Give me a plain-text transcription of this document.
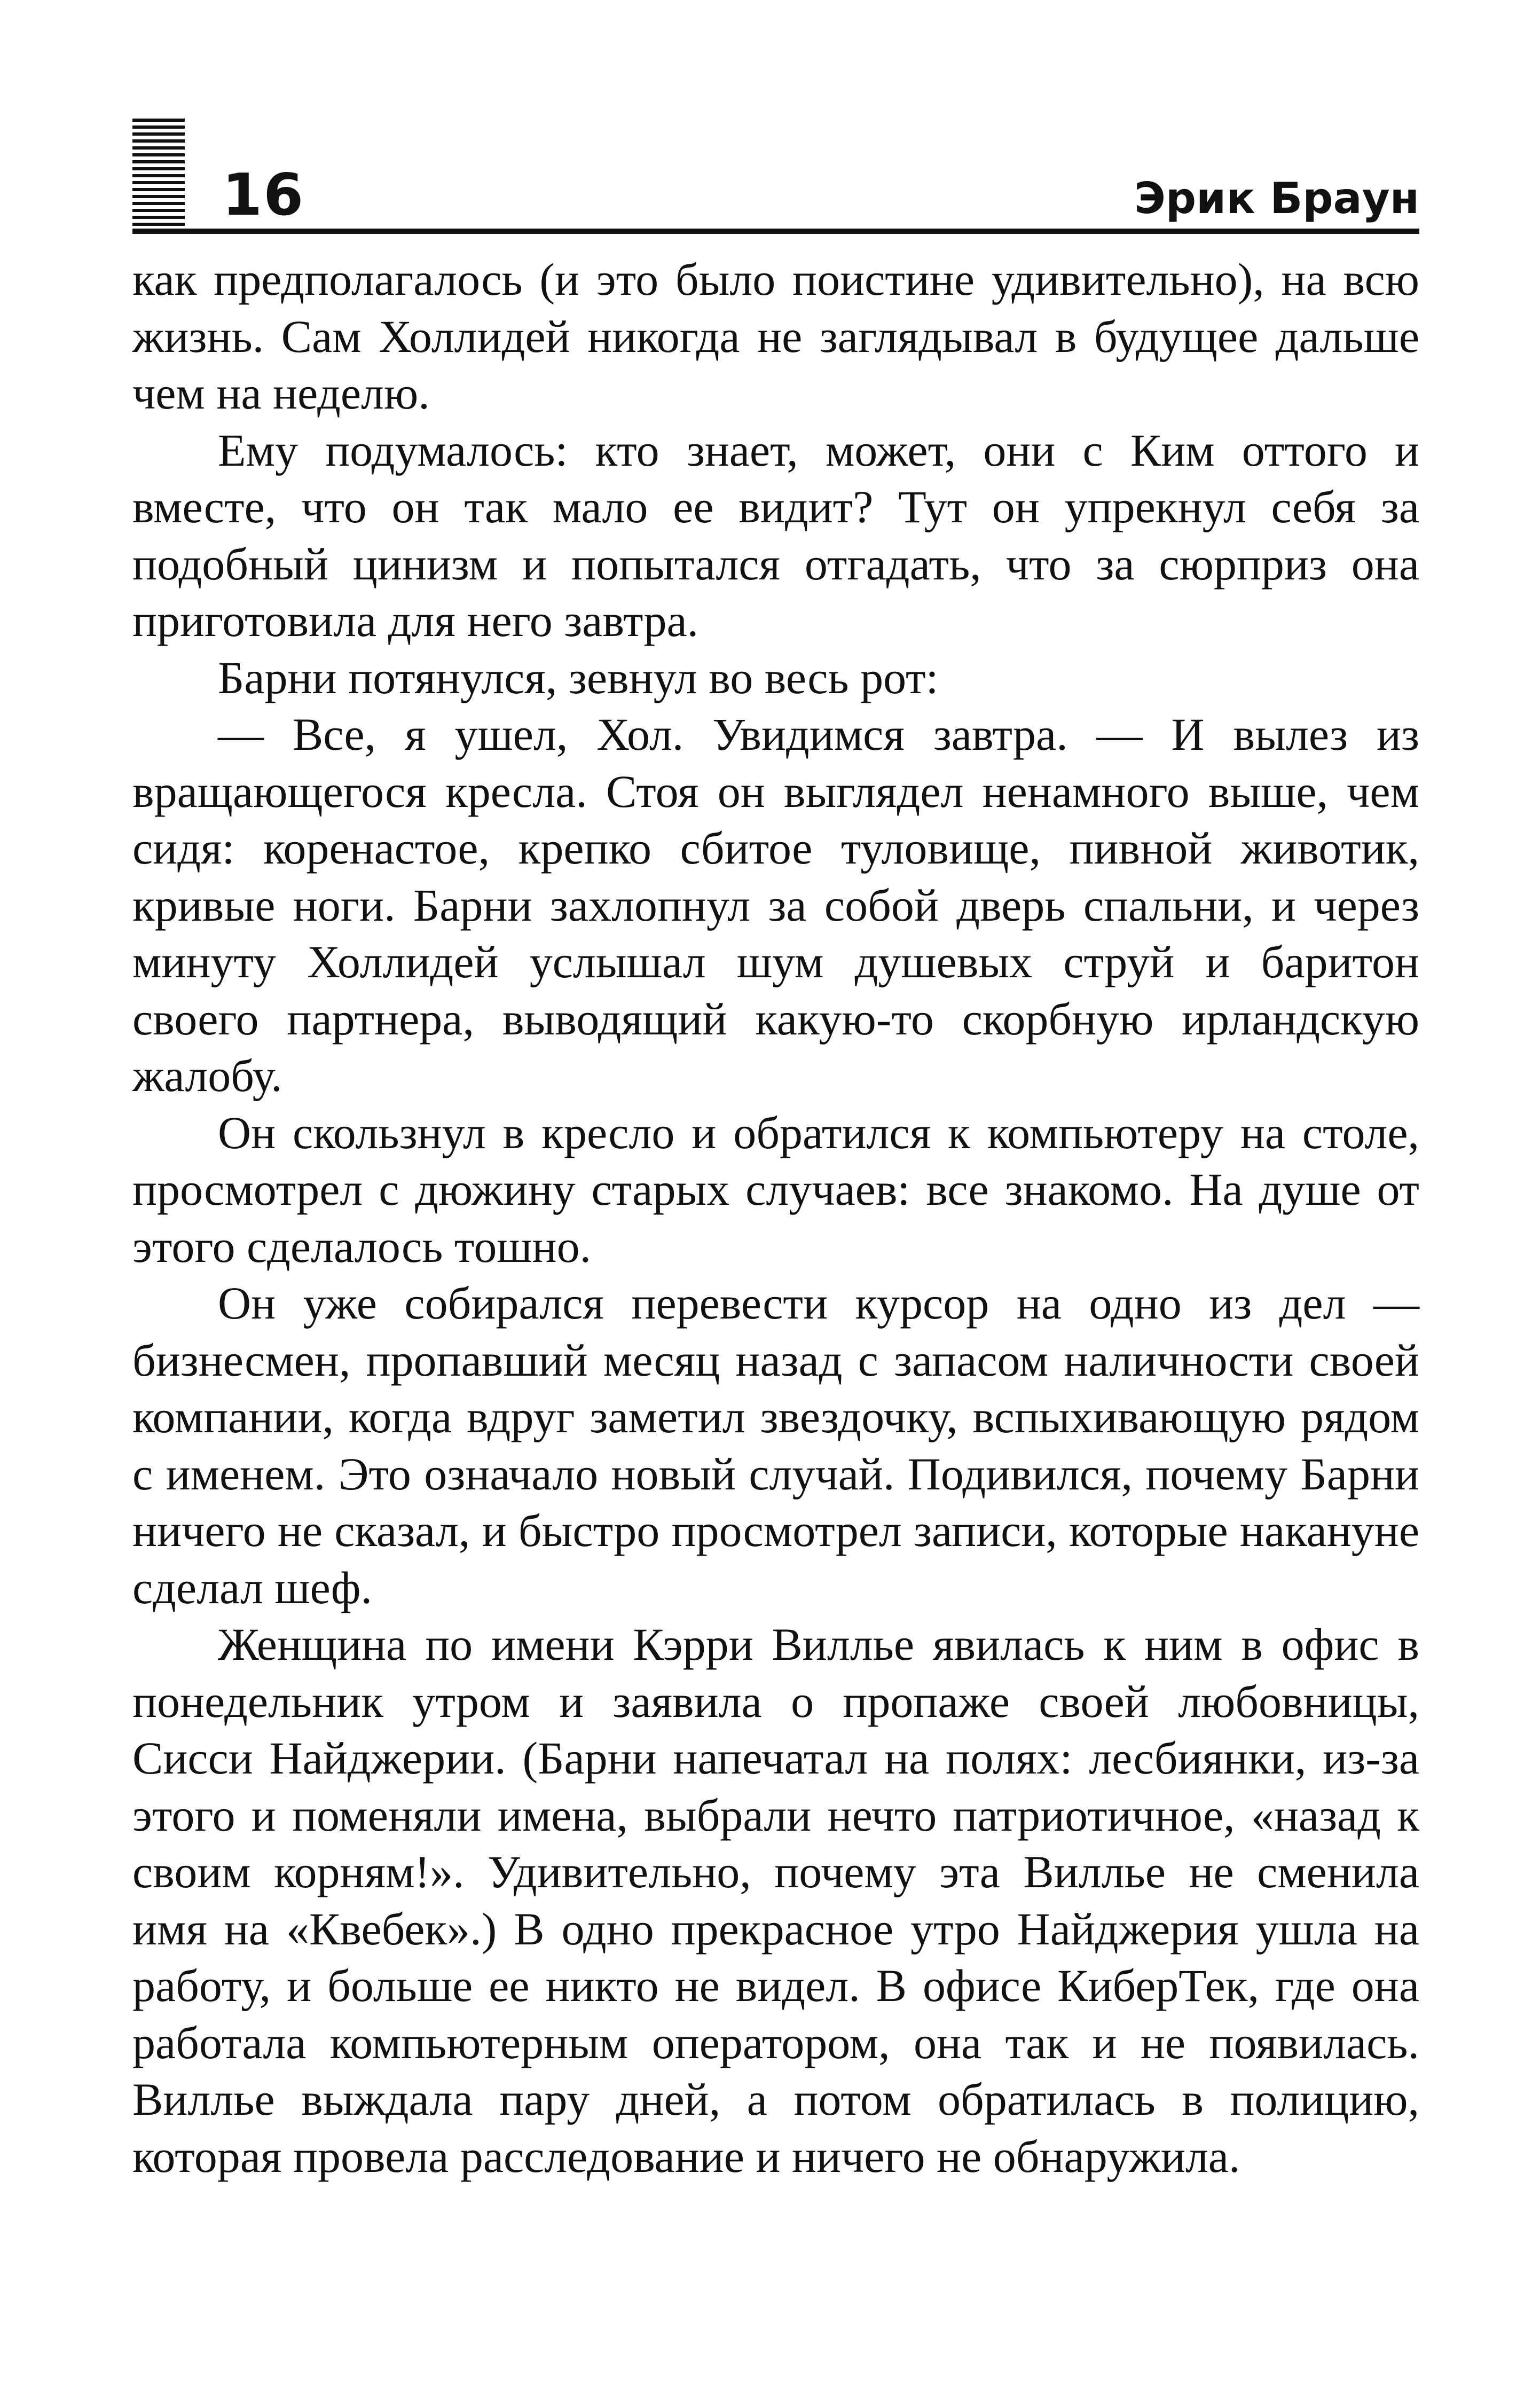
16	Эрик Браун

как предполагалось (и это было поистине удивительно), на всю жизнь. Сам Холлидей никогда не заглядывал в будущее дальше чем на неделю.

Ему подумалось: кто знает, может, они с Ким оттого и вместе, что он так мало ее видит? Тут он упрекнул себя за подобный цинизм и попытался отгадать, что за сюрприз она приготовила для него завтра.

Барни потянулся, зевнул во весь рот:

— Все, я ушел, Хол. Увидимся завтра. — И вылез из вращающегося кресла. Стоя он выглядел ненамного выше, чем сидя: коренастое, крепко сбитое туловище, пивной животик, кривые ноги. Барни захлопнул за собой дверь спальни, и через минуту Холлидей услышал шум душевых струй и баритон своего партнера, выводящий какую-то скорбную ирландскую жалобу.

Он скользнул в кресло и обратился к компьютеру на столе, просмотрел с дюжину старых случаев: все знакомо. На душе от этого сделалось тошно.

Он уже собирался перевести курсор на одно из дел — бизнесмен, пропавший месяц назад с запасом наличности своей компании, когда вдруг заметил звездочку, вспыхивающую рядом с именем. Это означало новый случай. Подивился, почему Барни ничего не сказал, и быстро просмотрел записи, которые накануне сделал шеф.

Женщина по имени Кэрри Виллье явилась к ним в офис в понедельник утром и заявила о пропаже своей любовницы, Сисси Найджерии. (Барни напечатал на полях: лесбиянки, из-за этого и поменяли имена, выбрали нечто патриотичное, «назад к своим корням!». Удивительно, почему эта Виллье не сменила имя на «Квебек».) В одно прекрасное утро Найджерия ушла на работу, и больше ее никто не видел. В офисе КиберТек, где она работала компьютерным оператором, она так и не появилась. Виллье выждала пару дней, а потом обратилась в полицию, которая провела расследование и ничего не обнаружила.
